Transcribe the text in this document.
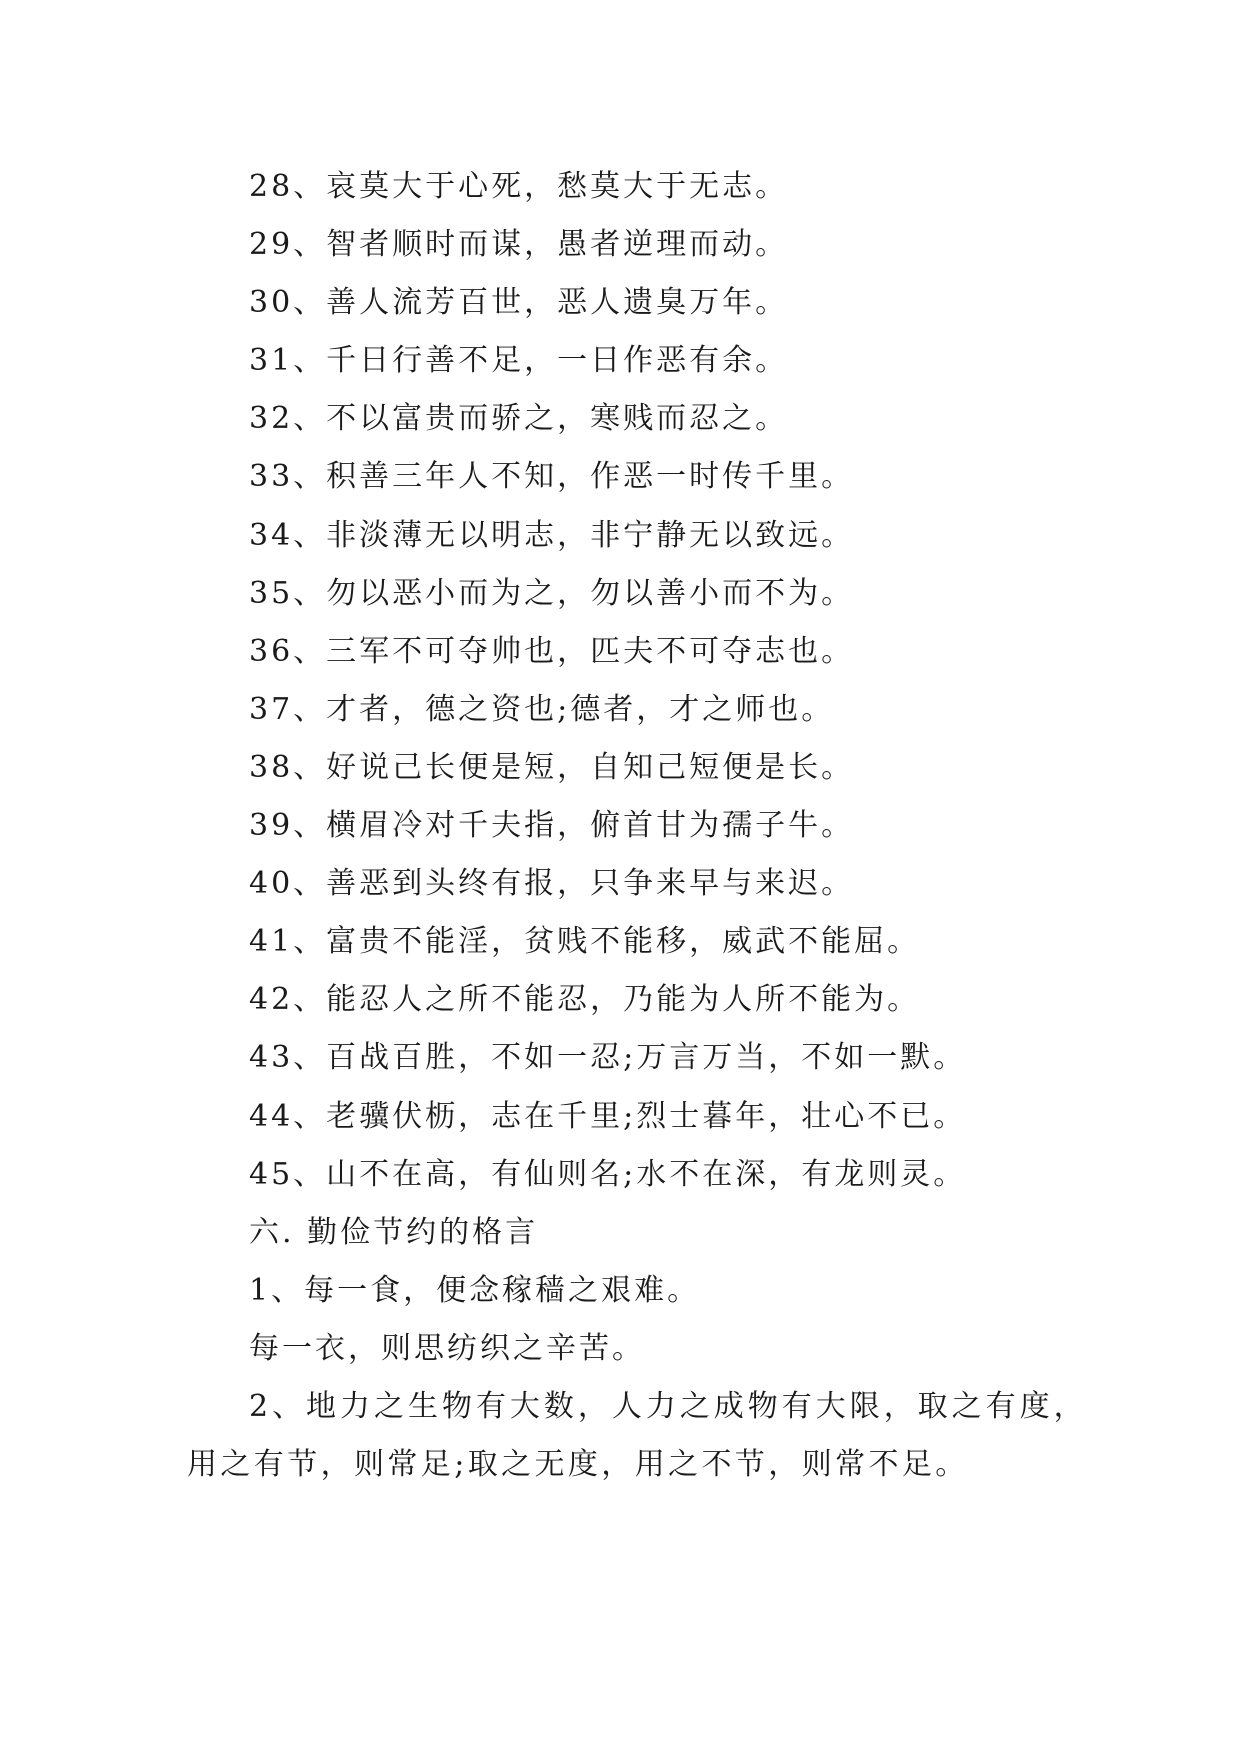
28、哀莫大于心死，愁莫大于无志。
29、智者顺时而谋，愚者逆理而动。
30、善人流芳百世，恶人遗臭万年。
31、千日行善不足，一日作恶有余。
32、不以富贵而骄之，寒贱而忍之。
33、积善三年人不知，作恶一时传千里。
34、非淡薄无以明志，非宁静无以致远。
35、勿以恶小而为之，勿以善小而不为。
36、三军不可夺帅也，匹夫不可夺志也。
37、才者，德之资也;德者，才之师也。
38、好说己长便是短，自知己短便是长。
39、横眉冷对千夫指，俯首甘为孺子牛。
40、善恶到头终有报，只争来早与来迟。
41、富贵不能淫，贫贱不能移，威武不能屈。
42、能忍人之所不能忍，乃能为人所不能为。
43、百战百胜，不如一忍;万言万当，不如一默。
44、老骥伏枥，志在千里;烈士暮年，壮心不已。
45、山不在高，有仙则名;水不在深，有龙则灵。
六. 勤俭节约的格言
1、每一食，便念稼穑之艰难。
每一衣，则思纺织之辛苦。
2、地力之生物有大数，人力之成物有大限，取之有度，用之有节，则常足;取之无度，用之不节，则常不足。
